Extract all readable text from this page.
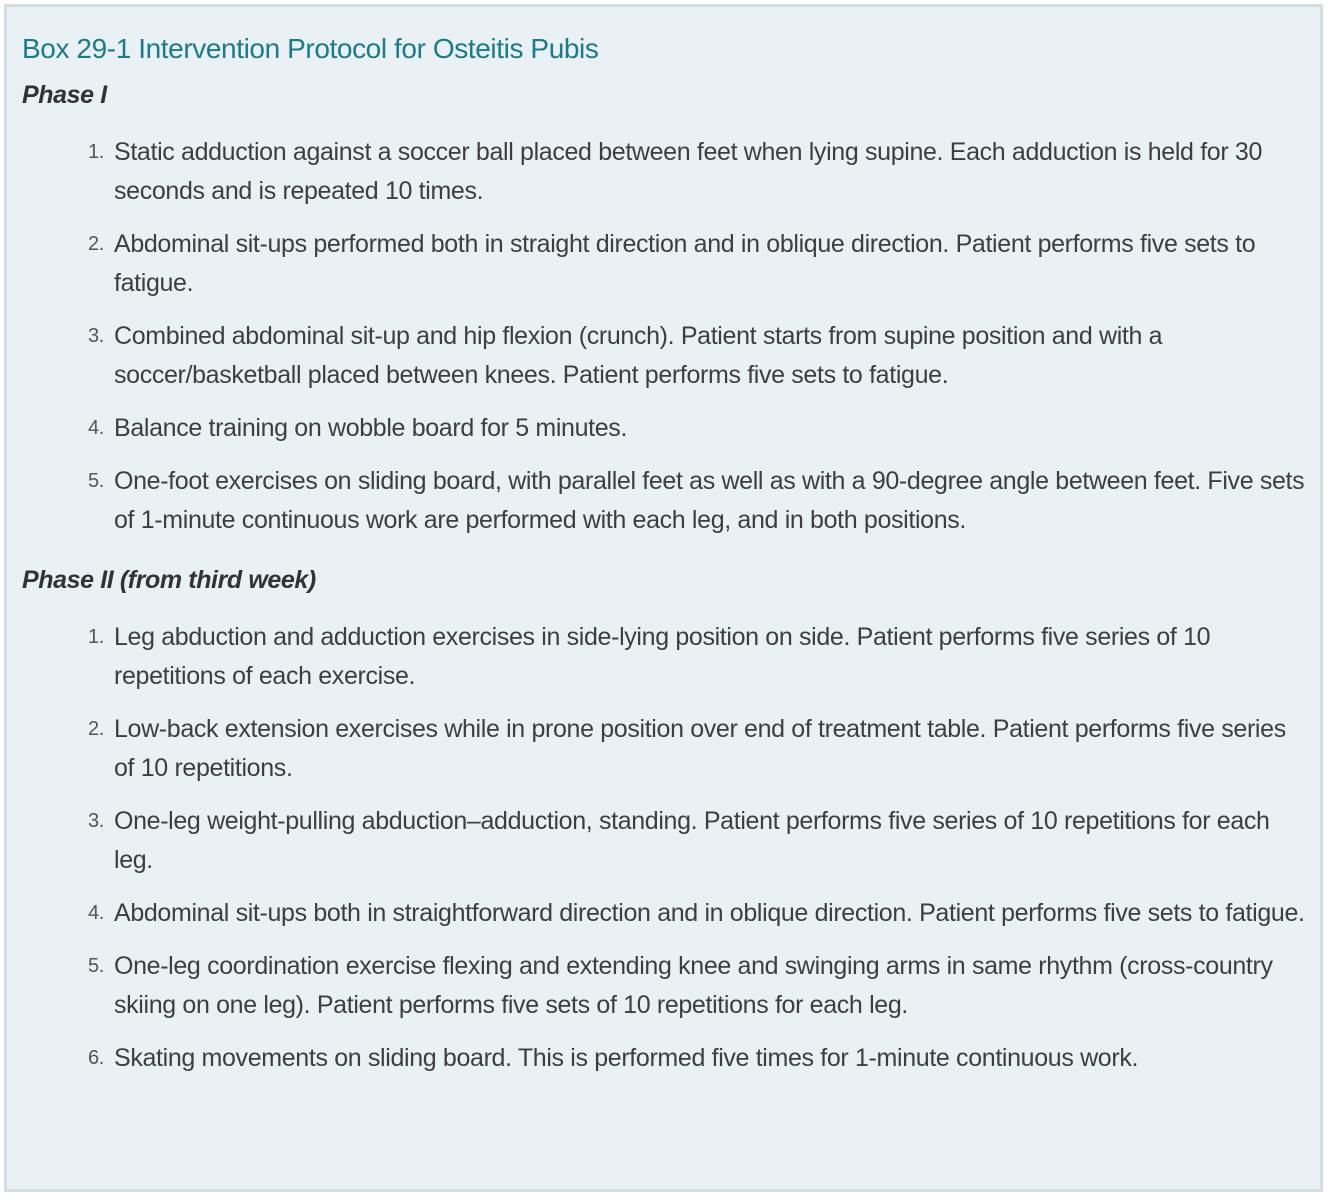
Box 29-1 Intervention Protocol for Osteitis Pubis
Phase I
1. Static adduction against a soccer ball placed between feet when lying supine. Each adduction is held for 30 seconds and is repeated 10 times.
2. Abdominal sit-ups performed both in straight direction and in oblique direction. Patient performs five sets to fatigue.
3. Combined abdominal sit-up and hip flexion (crunch). Patient starts from supine position and with a soccer/basketball placed between knees. Patient performs five sets to fatigue.
4. Balance training on wobble board for 5 minutes.
5. One-foot exercises on sliding board, with parallel feet as well as with a 90-degree angle between feet. Five sets of 1-minute continuous work are performed with each leg, and in both positions.
Phase II (from third week)
1. Leg abduction and adduction exercises in side-lying position on side. Patient performs five series of 10 repetitions of each exercise.
2. Low-back extension exercises while in prone position over end of treatment table. Patient performs five series of 10 repetitions.
3. One-leg weight-pulling abduction–adduction, standing. Patient performs five series of 10 repetitions for each leg.
4. Abdominal sit-ups both in straightforward direction and in oblique direction. Patient performs five sets to fatigue.
5. One-leg coordination exercise flexing and extending knee and swinging arms in same rhythm (cross-country skiing on one leg). Patient performs five sets of 10 repetitions for each leg.
6. Skating movements on sliding board. This is performed five times for 1-minute continuous work.
